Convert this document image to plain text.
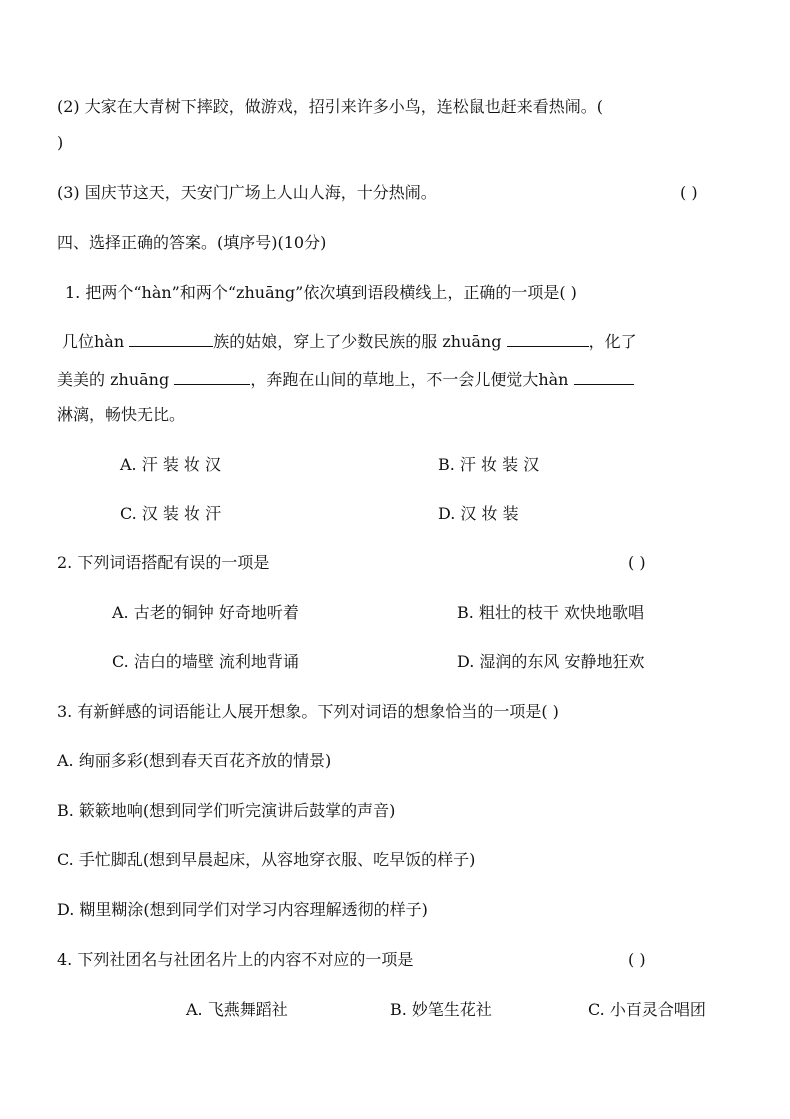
(2) 大家在大青树下摔跤，做游戏，招引来许多小鸟，连松鼠也赶来看热闹。(
)
(3) 国庆节这天，天安门广场上人山人海，十分热闹。	( )
四、选择正确的答案。(填序号)(10分)
1. 把两个“hàn”和两个“zhuāng”依次填到语段横线上，正确的一项是( )
几位hàn	族的姑娘，穿上了少数民族的服 zhuāng	，化了
美美的 zhuāng	，奔跑在山间的草地上，不一会儿便觉大hàn
淋漓，畅快无比。
A. 汗 装 妆 汉	B. 汗 妆 装 汉
C. 汉 装 妆 汗	D. 汉 妆 装
2. 下列词语搭配有误的一项是	( )
A. 古老的铜钟 好奇地听着	B. 粗壮的枝干 欢快地歌唱
C. 洁白的墙壁 流利地背诵	D. 湿润的东风 安静地狂欢
3. 有新鲜感的词语能让人展开想象。下列对词语的想象恰当的一项是( )
A. 绚丽多彩(想到春天百花齐放的情景)
B. 簌簌地响(想到同学们听完演讲后鼓掌的声音)
C. 手忙脚乱(想到早晨起床，从容地穿衣服、吃早饭的样子)
D. 糊里糊涂(想到同学们对学习内容理解透彻的样子)
4. 下列社团名与社团名片上的内容不对应的一项是	( )
A. 飞燕舞蹈社	B. 妙笔生花社	C. 小百灵合唱团
